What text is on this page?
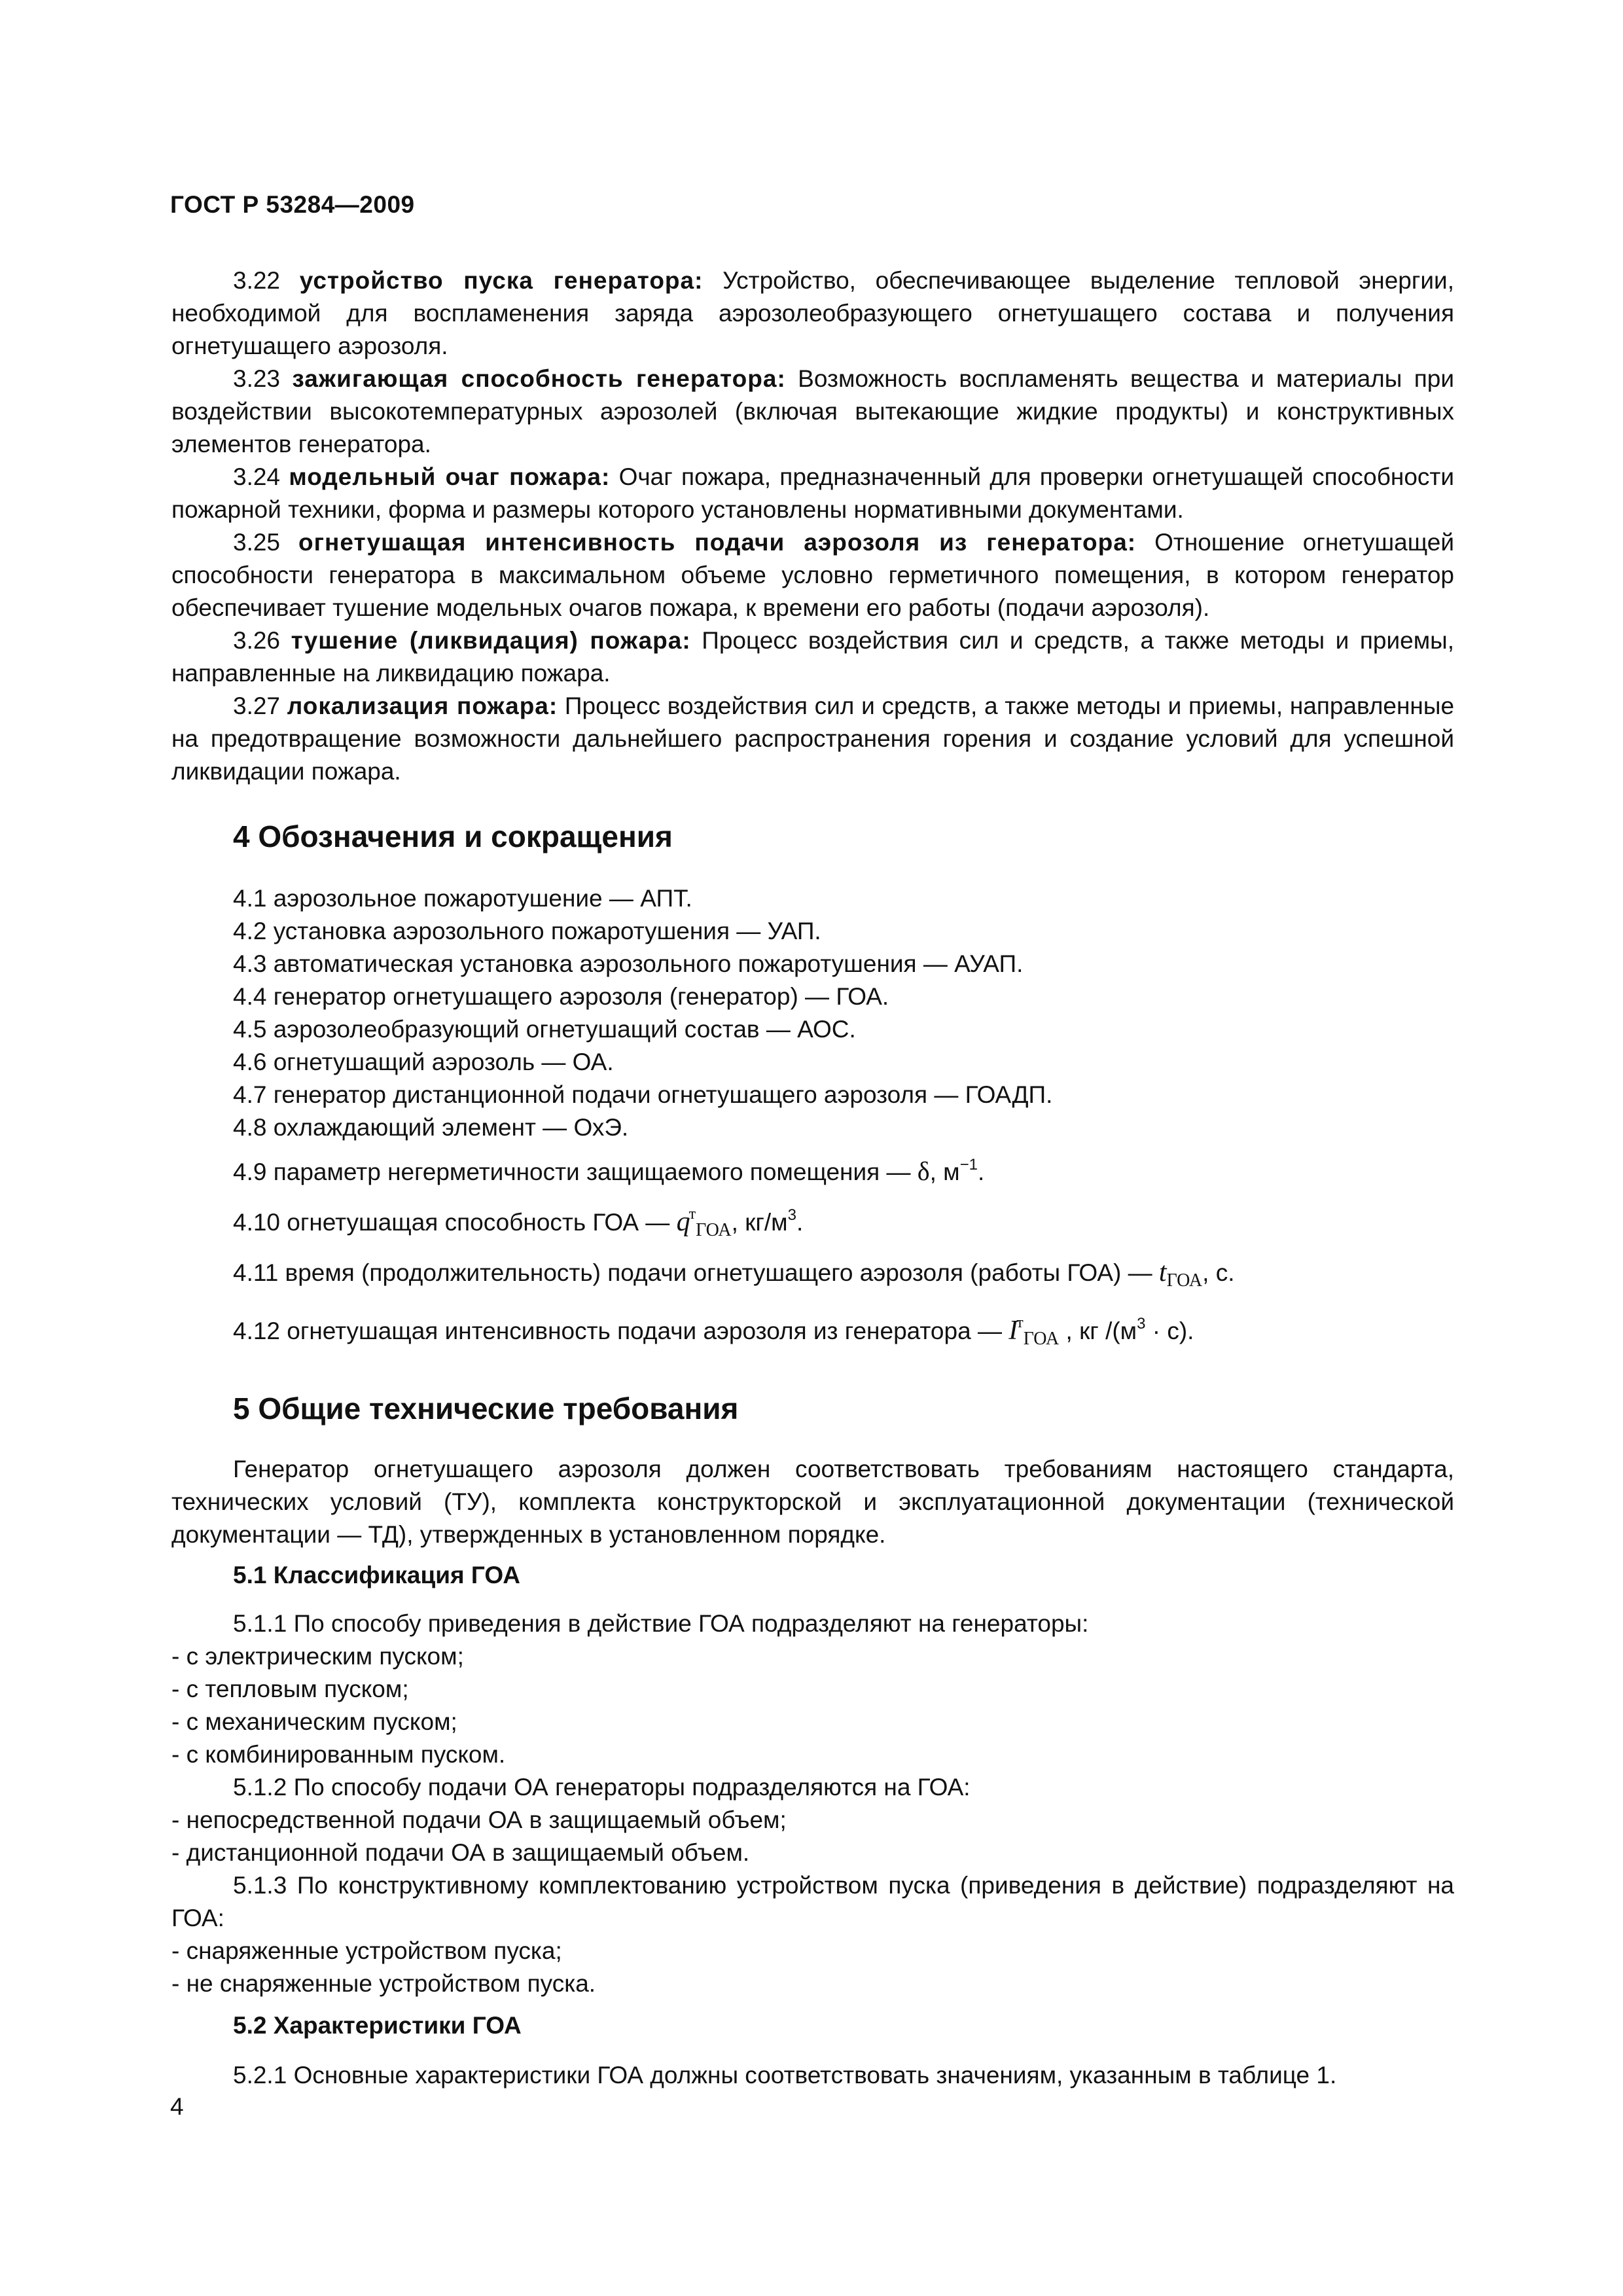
ГОСТ Р 53284—2009

3.22 устройство пуска генератора: Устройство, обеспечивающее выделение тепловой энергии, необходимой для воспламенения заряда аэрозолеобразующего огнетушащего состава и получения огнетушащего аэрозоля.

3.23 зажигающая способность генератора: Возможность воспламенять вещества и материалы при воздействии высокотемпературных аэрозолей (включая вытекающие жидкие продукты) и конструктивных элементов генератора.

3.24 модельный очаг пожара: Очаг пожара, предназначенный для проверки огнетушащей способности пожарной техники, форма и размеры которого установлены нормативными документами.

3.25 огнетушащая интенсивность подачи аэрозоля из генератора: Отношение огнетушащей способности генератора в максимальном объеме условно герметичного помещения, в котором генератор обеспечивает тушение модельных очагов пожара, к времени его работы (подачи аэрозоля).

3.26 тушение (ликвидация) пожара: Процесс воздействия сил и средств, а также методы и приемы, направленные на ликвидацию пожара.

3.27 локализация пожара: Процесс воздействия сил и средств, а также методы и приемы, направленные на предотвращение возможности дальнейшего распространения горения и создание условий для успешной ликвидации пожара.

4 Обозначения и сокращения

4.1 аэрозольное пожаротушение — АПТ.

4.2 установка аэрозольного пожаротушения — УАП.

4.3 автоматическая установка аэрозольного пожаротушения — АУАП.

4.4 генератор огнетушащего аэрозоля (генератор) — ГОА.

4.5 аэрозолеобразующий огнетушащий состав — АОС.

4.6 огнетушащий аэрозоль — ОА.

4.7 генератор дистанционной подачи огнетушащего аэрозоля — ГОАДП.

4.8 охлаждающий элемент — ОхЭ.

4.9 параметр негерметичности защищаемого помещения — δ, $м^{-1}$.

4.10 огнетушащая способность ГОА — $q^т_{ГОА}$, $кг/м^3$.

4.11 время (продолжительность) подачи огнетушащего аэрозоля (работы ГОА) — $t_{ГОА}$, с.

4.12 огнетушащая интенсивность подачи аэрозоля из генератора — $I^т_{ГОА}$ , кг $/(м^3 \cdot с)$.

5 Общие технические требования

Генератор огнетушащего аэрозоля должен соответствовать требованиям настоящего стандарта, технических условий (ТУ), комплекта конструкторской и эксплуатационной документации (технической документации — ТД), утвержденных в установленном порядке.

5.1 Классификация ГОА

5.1.1 По способу приведения в действие ГОА подразделяют на генераторы:

- с электрическим пуском;

- с тепловым пуском;

- с механическим пуском;

- с комбинированным пуском.

5.1.2 По способу подачи ОА генераторы подразделяются на ГОА:

- непосредственной подачи ОА в защищаемый объем;

- дистанционной подачи ОА в защищаемый объем.

5.1.3 По конструктивному комплектованию устройством пуска (приведения в действие) подразделяют на ГОА:

- снаряженные устройством пуска;

- не снаряженные устройством пуска.

5.2 Характеристики ГОА

5.2.1 Основные характеристики ГОА должны соответствовать значениям, указанным в таблице 1.

4
